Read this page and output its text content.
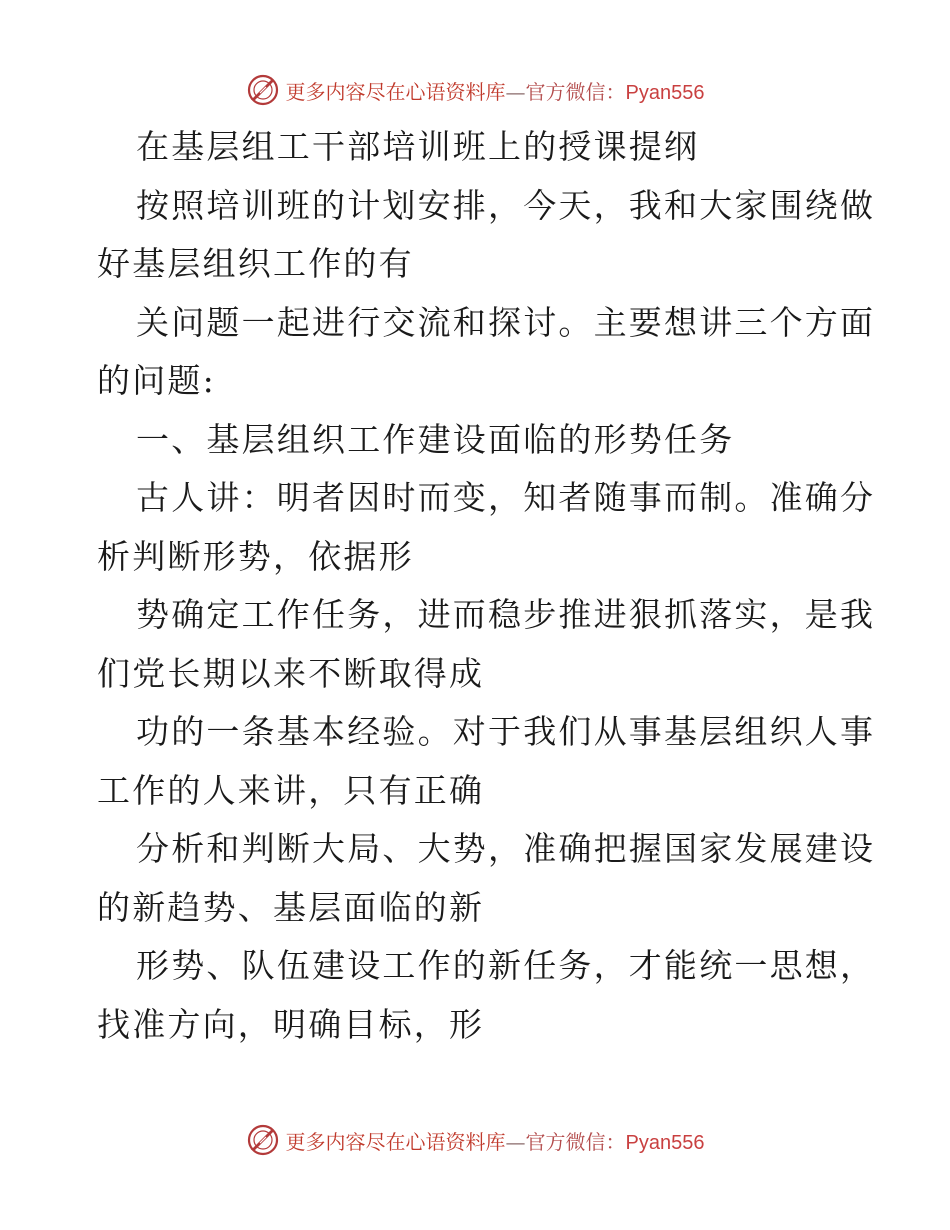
更多内容尽在心语资料库—官方微信：Pyan556
在基层组工干部培训班上的授课提纲
按照培训班的计划安排，今天，我和大家围绕做
好基层组织工作的有
关问题一起进行交流和探讨。主要想讲三个方面
的问题:
一、基层组织工作建设面临的形势任务
古人讲：明者因时而变，知者随事而制。准确分
析判断形势，依据形
势确定工作任务，进而稳步推进狠抓落实，是我
们党长期以来不断取得成
功的一条基本经验。对于我们从事基层组织人事
工作的人来讲，只有正确
分析和判断大局、大势，准确把握国家发展建设
的新趋势、基层面临的新
形势、队伍建设工作的新任务，才能统一思想，
找准方向，明确目标，形
更多内容尽在心语资料库—官方微信：Pyan556
